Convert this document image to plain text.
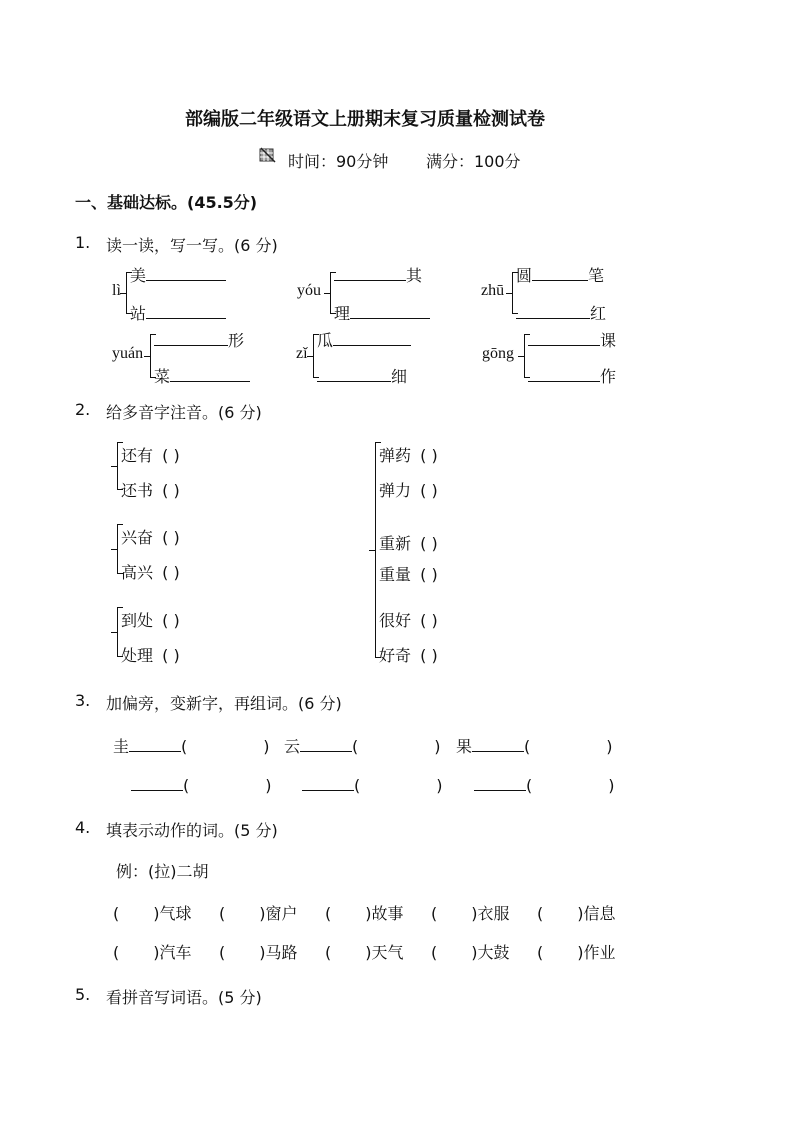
部编版二年级语文上册期末复习质量检测试卷
时间：90分钟 满分：100分
一、基础达标。(45.5分)
1. 读一读，写一写。(6 分)
lì
美
站
yóu
其
理
zhū
圆	笔
红
yuán
形
菜
zǐ
瓜
细
gōng
课
作
2. 给多音字注音。(6 分)
还有 ( )
还书 ( )
兴奋 ( )
高兴 ( )
到处 ( )
处理 ( )
弹药 ( )
弹力 ( )
重新 ( )
重量 ( )
很好 ( )
好奇 ( )
3. 加偏旁，变新字，再组词。(6 分)
圭	(	) 云	(	) 果	(	)
(	)	(	)	(	)
4. 填表示动作的词。(5 分)
例：(拉)二胡
( )气球 ( )窗户 ( )故事 ( )衣服 ( )信息
( )汽车 ( )马路 ( )天气 ( )大鼓 ( )作业
5. 看拼音写词语。(5 分)
